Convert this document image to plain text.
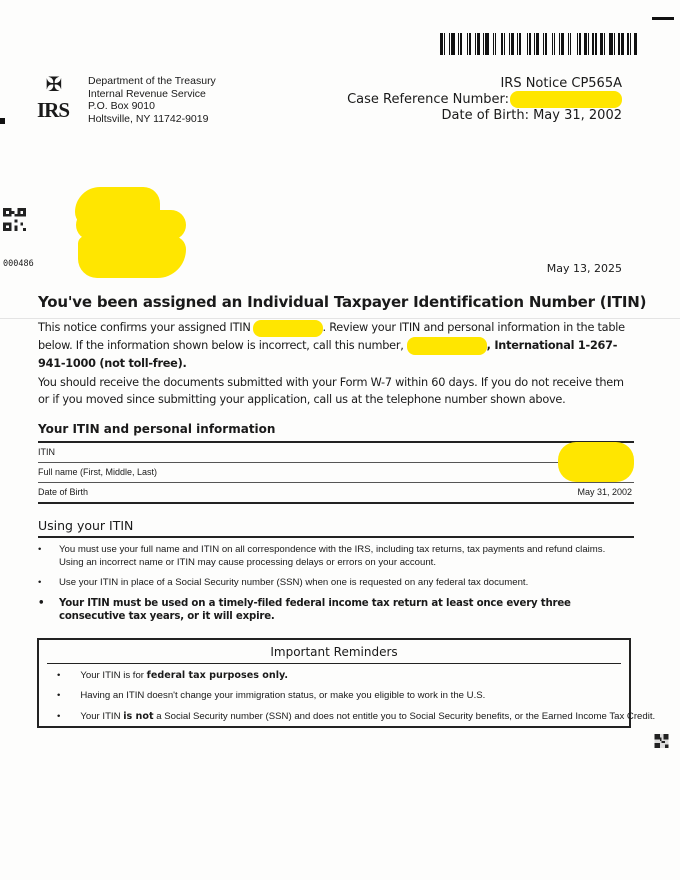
✠
IRS
Department of the Treasury
Internal Revenue Service
P.O. Box 9010
Holtsville, NY 11742-9019
IRS Notice CP565A
Case Reference Number:
Date of Birth: May 31, 2002
000486	May 13, 2025
You've been assigned an Individual Taxpayer Identification Number (ITIN)
This notice confirms your assigned ITIN	. Review your ITIN and personal information in the table below. If the information shown below is incorrect, call this number,	, International 1-267-941-1000 (not toll-free).
You should receive the documents submitted with your Form W-7 within 60 days. If you do not receive them or if you moved since submitting your application, call us at the telephone number shown above.
Your ITIN and personal information
ITIN
Full name (First, Middle, Last)
Date of Birth	May 31, 2002
Using your ITIN
• You must use your full name and ITIN on all correspondence with the IRS, including tax returns, tax payments and refund claims. Using an incorrect name or ITIN may cause processing delays or errors on your account.
• Use your ITIN in place of a Social Security number (SSN) when one is requested on any federal tax document.
• Your ITIN must be used on a timely-filed federal income tax return at least once every three consecutive tax years, or it will expire.
Important Reminders
• Your ITIN is for federal tax purposes only.
• Having an ITIN doesn't change your immigration status, or make you eligible to work in the U.S.
• Your ITIN is not a Social Security number (SSN) and does not entitle you to Social Security benefits, or the Earned Income Tax Credit.
